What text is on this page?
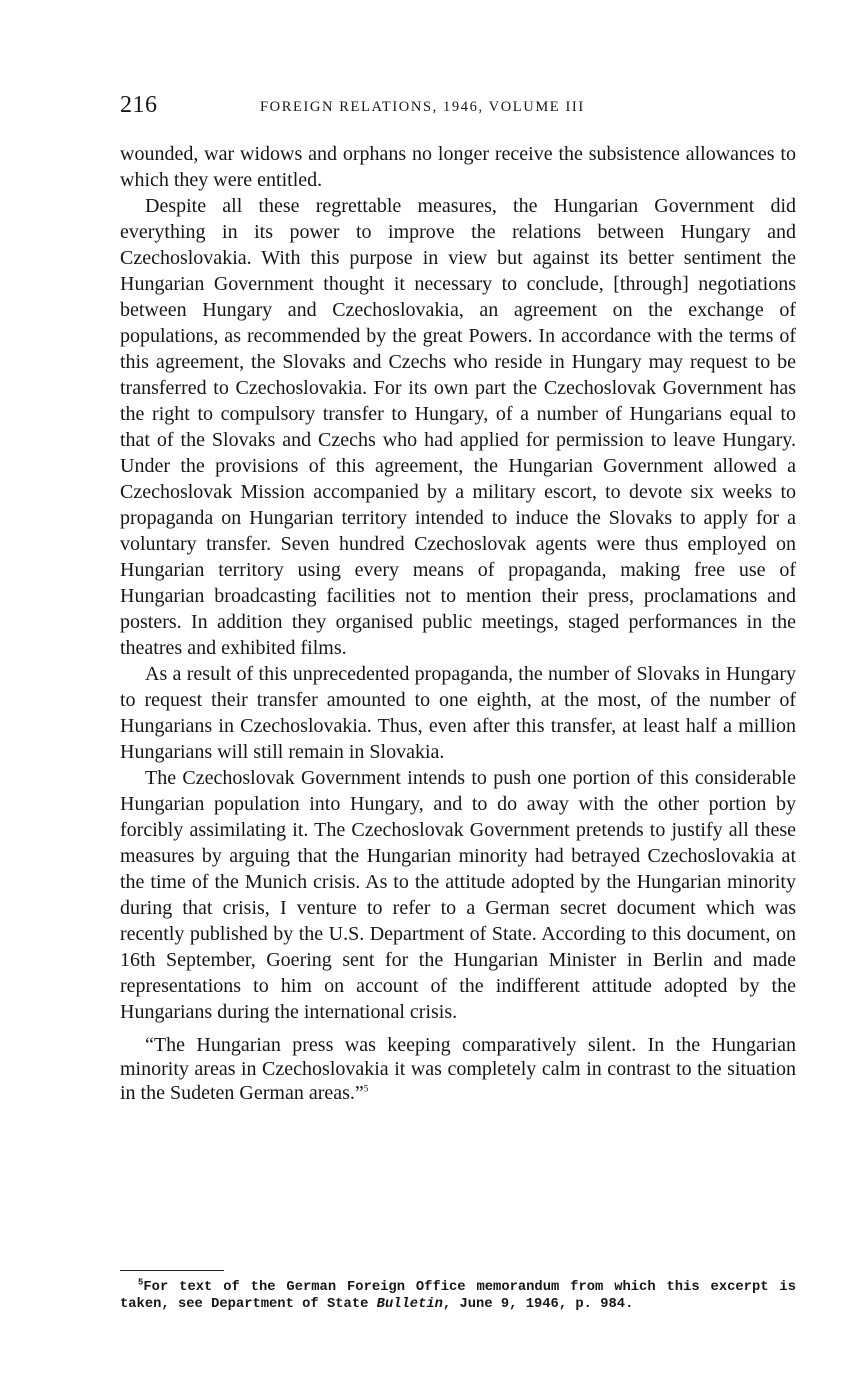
216	FOREIGN RELATIONS, 1946, VOLUME III

wounded, war widows and orphans no longer receive the subsistence allowances to which they were entitled.

Despite all these regrettable measures, the Hungarian Government did everything in its power to improve the relations between Hungary and Czechoslovakia. With this purpose in view but against its better sentiment the Hungarian Government thought it necessary to conclude, [through] negotiations between Hungary and Czechoslovakia, an agreement on the exchange of populations, as recommended by the great Powers. In accordance with the terms of this agreement, the Slovaks and Czechs who reside in Hungary may request to be transferred to Czechoslovakia. For its own part the Czechoslovak Government has the right to compulsory transfer to Hungary, of a number of Hungarians equal to that of the Slovaks and Czechs who had applied for permission to leave Hungary. Under the provisions of this agreement, the Hungarian Government allowed a Czechoslovak Mission accompanied by a military escort, to devote six weeks to propaganda on Hungarian territory intended to induce the Slovaks to apply for a voluntary transfer. Seven hundred Czechoslovak agents were thus employed on Hungarian territory using every means of propaganda, making free use of Hungarian broadcasting facilities not to mention their press, proclamations and posters. In addition they organised public meetings, staged performances in the theatres and exhibited films.

As a result of this unprecedented propaganda, the number of Slovaks in Hungary to request their transfer amounted to one eighth, at the most, of the number of Hungarians in Czechoslovakia. Thus, even after this transfer, at least half a million Hungarians will still remain in Slovakia.

The Czechoslovak Government intends to push one portion of this considerable Hungarian population into Hungary, and to do away with the other portion by forcibly assimilating it. The Czechoslovak Government pretends to justify all these measures by arguing that the Hungarian minority had betrayed Czechoslovakia at the time of the Munich crisis. As to the attitude adopted by the Hungarian minority during that crisis, I venture to refer to a German secret document which was recently published by the U.S. Department of State. According to this document, on 16th September, Goering sent for the Hungarian Minister in Berlin and made representations to him on account of the indifferent attitude adopted by the Hungarians during the international crisis.

“The Hungarian press was keeping comparatively silent. In the Hungarian minority areas in Czechoslovakia it was completely calm in contrast to the situation in the Sudeten German areas.”$^5$

$^5$For text of the German Foreign Office memorandum from which this excerpt is taken, see Department of State Bulletin, June 9, 1946, p. 984.
